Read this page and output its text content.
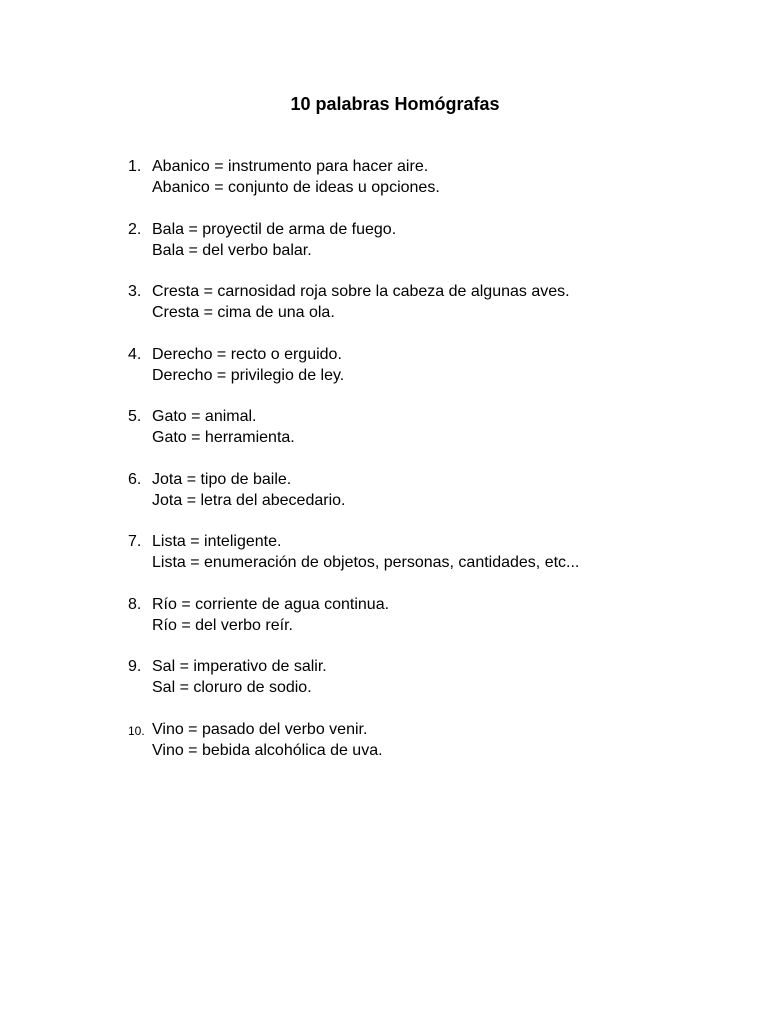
10 palabras Homógrafas
1. Abanico = instrumento para hacer aire.
Abanico = conjunto de ideas u opciones.
2. Bala = proyectil de arma de fuego.
Bala = del verbo balar.
3. Cresta = carnosidad roja sobre la cabeza de algunas aves.
Cresta = cima de una ola.
4. Derecho = recto o erguido.
Derecho = privilegio de ley.
5. Gato = animal.
Gato = herramienta.
6. Jota = tipo de baile.
Jota = letra del abecedario.
7. Lista = inteligente.
Lista = enumeración de objetos, personas, cantidades, etc...
8. Río = corriente de agua continua.
Río = del verbo reír.
9. Sal = imperativo de salir.
Sal = cloruro de sodio.
10. Vino = pasado del verbo venir.
Vino = bebida alcohólica de uva.
